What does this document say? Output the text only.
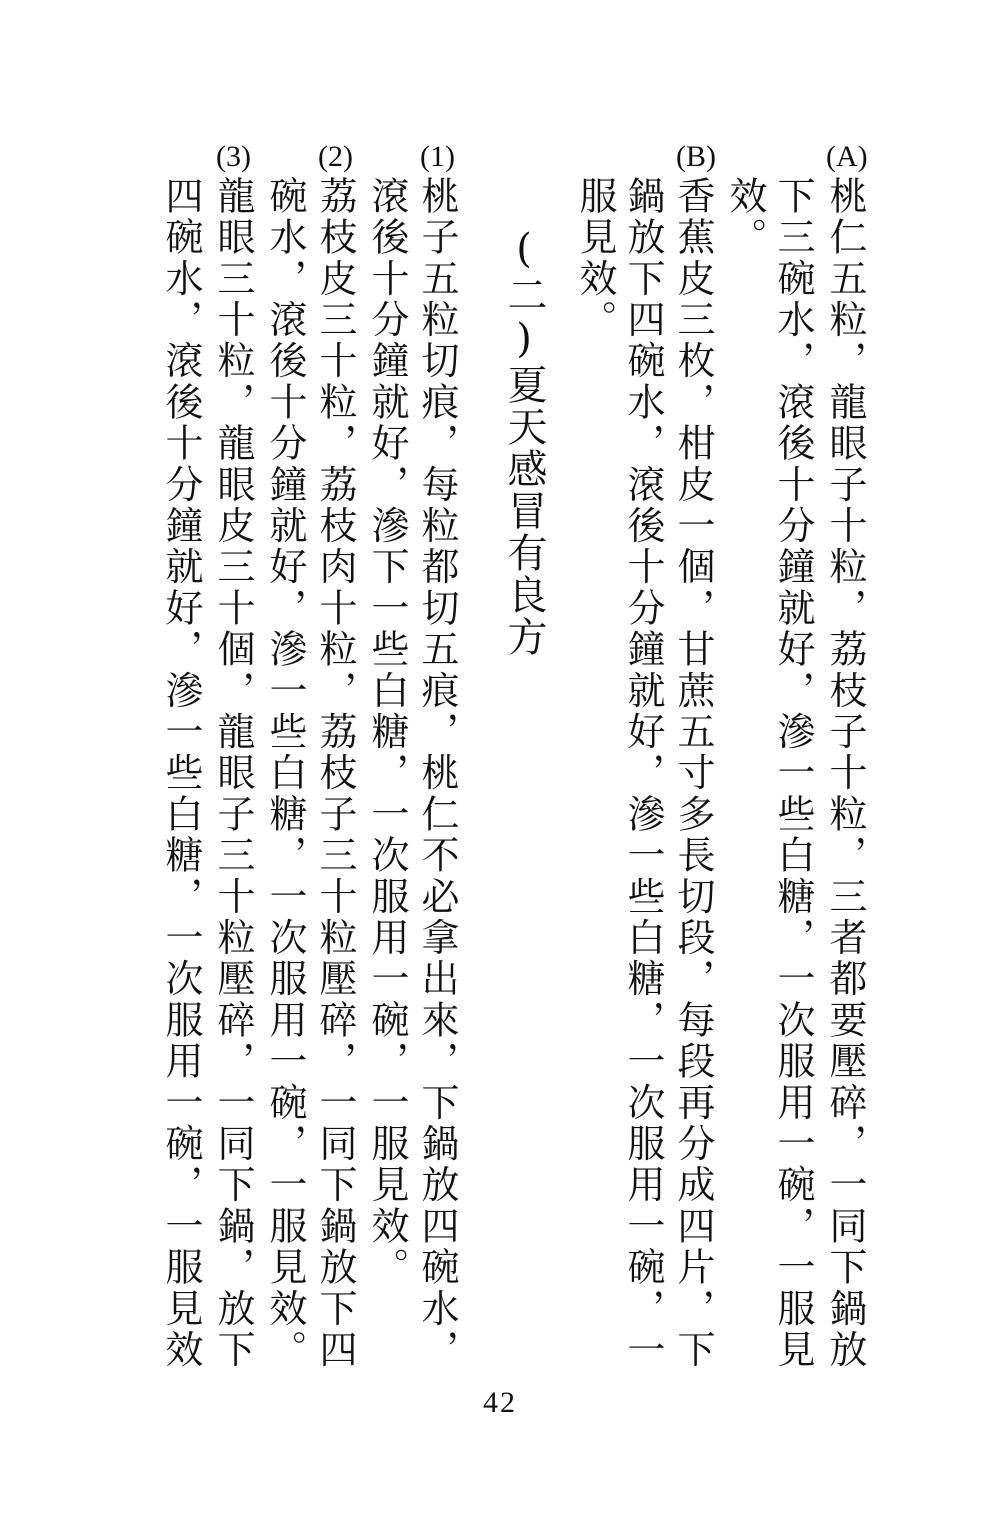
(A)
桃仁五粒，龍眼子十粒，荔枝子十粒，三者都要壓碎，一同下鍋放
下三碗水，滾後十分鐘就好，滲一些白糖，一次服用一碗，一服見
效。
(B)
香蕉皮三枚，柑皮一個，甘蔗五寸多長切段，每段再分成四片，下
鍋放下四碗水，滾後十分鐘就好，滲一些白糖，一次服用一碗，一
服見效。
(二)夏天感冒有良方
(1)
桃子五粒切痕，每粒都切五痕，桃仁不必拿出來，下鍋放四碗水，
滾後十分鐘就好，滲下一些白糖，一次服用一碗，一服見效。
(2)
荔枝皮三十粒，荔枝肉十粒，荔枝子三十粒壓碎，一同下鍋放下四
碗水，滾後十分鐘就好，滲一些白糖，一次服用一碗，一服見效。
(3)
龍眼三十粒，龍眼皮三十個，龍眼子三十粒壓碎，一同下鍋，放下
四碗水，滾後十分鐘就好，滲一些白糖，一次服用一碗，一服見效
42
